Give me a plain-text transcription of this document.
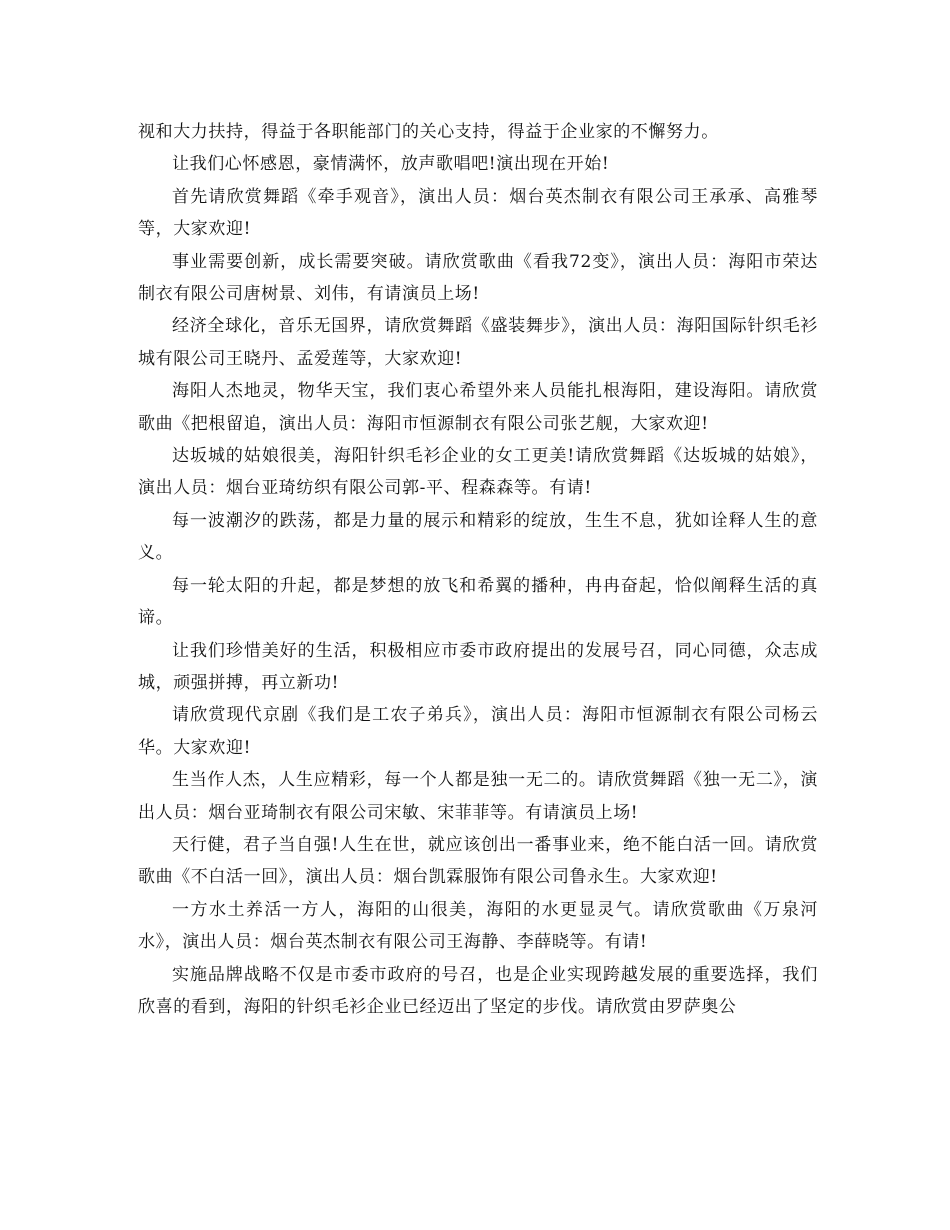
视和大力扶持，得益于各职能部门的关心支持，得益于企业家的不懈努力。

让我们心怀感恩，豪情满怀，放声歌唱吧!演出现在开始!

首先请欣赏舞蹈《牵手观音》，演出人员：烟台英杰制衣有限公司王承承、高雅琴等，大家欢迎!

事业需要创新，成长需要突破。请欣赏歌曲《看我72变》，演出人员：海阳市荣达制衣有限公司唐树景、刘伟，有请演员上场!

经济全球化，音乐无国界，请欣赏舞蹈《盛装舞步》，演出人员：海阳国际针织毛衫城有限公司王晓丹、孟爱莲等，大家欢迎!

海阳人杰地灵，物华天宝，我们衷心希望外来人员能扎根海阳，建设海阳。请欣赏歌曲《把根留追，演出人员：海阳市恒源制衣有限公司张艺舰，大家欢迎!

达坂城的姑娘很美，海阳针织毛衫企业的女工更美!请欣赏舞蹈《达坂城的姑娘》，演出人员：烟台亚琦纺织有限公司郭-平、程森森等。有请!

每一波潮汐的跌荡，都是力量的展示和精彩的绽放，生生不息，犹如诠释人生的意义。

每一轮太阳的升起，都是梦想的放飞和希翼的播种，冉冉奋起，恰似阐释生活的真谛。

让我们珍惜美好的生活，积极相应市委市政府提出的发展号召，同心同德，众志成城，顽强拼搏，再立新功!

请欣赏现代京剧《我们是工农子弟兵》，演出人员：海阳市恒源制衣有限公司杨云华。大家欢迎!

生当作人杰，人生应精彩，每一个人都是独一无二的。请欣赏舞蹈《独一无二》，演出人员：烟台亚琦制衣有限公司宋敏、宋菲菲等。有请演员上场!

天行健，君子当自强!人生在世，就应该创出一番事业来，绝不能白活一回。请欣赏歌曲《不白活一回》，演出人员：烟台凯霖服饰有限公司鲁永生。大家欢迎!

一方水土养活一方人，海阳的山很美，海阳的水更显灵气。请欣赏歌曲《万泉河水》，演出人员：烟台英杰制衣有限公司王海静、李薛晓等。有请!

实施品牌战略不仅是市委市政府的号召，也是企业实现跨越发展的重要选择，我们欣喜的看到，海阳的针织毛衫企业已经迈出了坚定的步伐。请欣赏由罗萨奥公
